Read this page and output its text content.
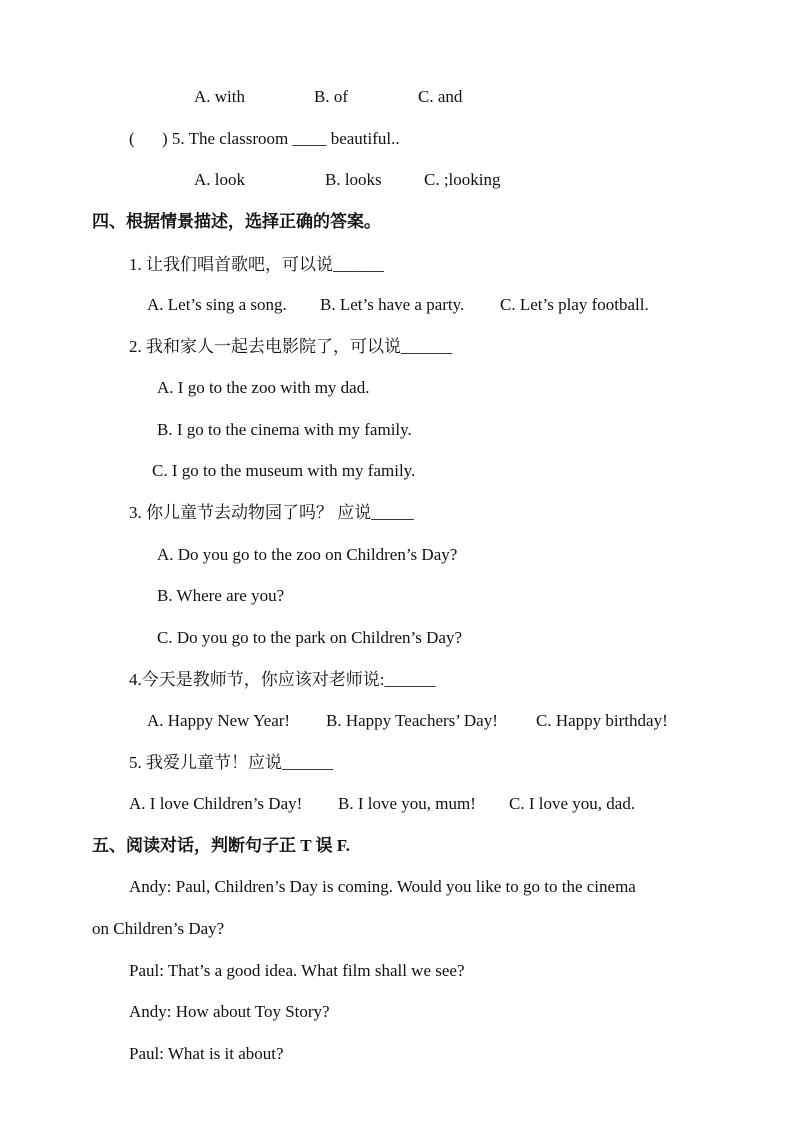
A. with	B. of	C. and
( ) 5. The classroom ____ beautiful..
A. look	B. looks C. ;looking
四、根据情景描述，选择正确的答案。
1. 让我们唱首歌吧，可以说______
A. Let’s sing a song. B. Let’s have a party. C. Let’s play football.
2. 我和家人一起去电影院了，可以说______
A. I go to the zoo with my dad.
B. I go to the cinema with my family.
C. I go to the museum with my family.
3. 你儿童节去动物园了吗？ 应说_____
A. Do you go to the zoo on Children’s Day?
B. Where are you?
C. Do you go to the park on Children’s Day?
4.今天是教师节，你应该对老师说:______
A. Happy New Year! B. Happy Teachers’ Day! C. Happy birthday!
5. 我爱儿童节！应说______
A. I love Children’s Day! B. I love you, mum! C. I love you, dad.
五、阅读对话，判断句子正 T 误 F.
Andy: Paul, Children’s Day is coming. Would you like to go to the cinema
on Children’s Day?
Paul: That’s a good idea. What film shall we see?
Andy: How about Toy Story?
Paul: What is it about?
